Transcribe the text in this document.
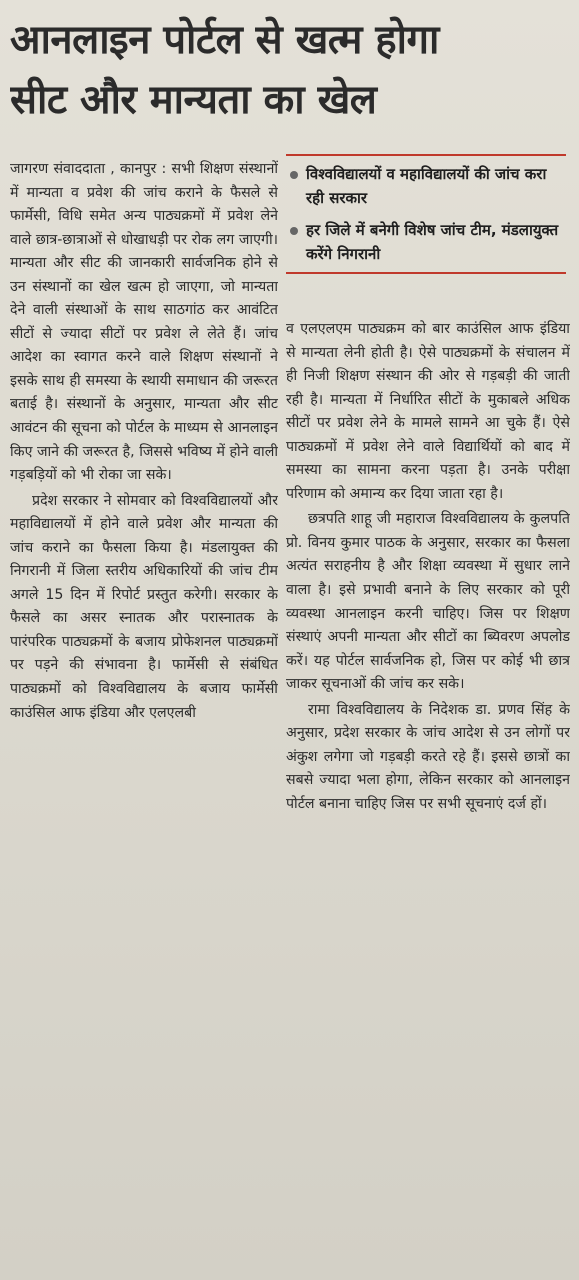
आनलाइन पोर्टल से खत्म होगा
सीट और मान्यता का खेल

जागरण संवाददाता , कानपुर : सभी शिक्षण संस्थानों में मान्यता व प्रवेश की जांच कराने के फैसले से फार्मेसी, विधि समेत अन्य पाठ्यक्रमों में प्रवेश लेने वाले छात्र-छात्राओं से धोखाधड़ी पर रोक लग जाएगी। मान्यता और सीट की जानकारी सार्वजनिक होने से उन संस्थानों का खेल खत्म हो जाएगा, जो मान्यता देने वाली संस्थाओं के साथ साठगांठ कर आवंटित सीटों से ज्यादा सीटों पर प्रवेश ले लेते हैं। जांच आदेश का स्वागत करने वाले शिक्षण संस्थानों ने इसके साथ ही समस्या के स्थायी समाधान की जरूरत बताई है। संस्थानों के अनुसार, मान्यता और सीट आवंटन की सूचना को पोर्टल के माध्यम से आनलाइन किए जाने की जरूरत है, जिससे भविष्य में होने वाली गड़बड़ियों को भी रोका जा सके।

प्रदेश सरकार ने सोमवार को विश्वविद्यालयों और महाविद्यालयों में होने वाले प्रवेश और मान्यता की जांच कराने का फैसला किया है। मंडलायुक्त की निगरानी में जिला स्तरीय अधिकारियों की जांच टीम अगले 15 दिन में रिपोर्ट प्रस्तुत करेगी। सरकार के फैसले का असर स्नातक और परास्नातक के पारंपरिक पाठ्यक्रमों के बजाय प्रोफेशनल पाठ्यक्रमों पर पड़ने की संभावना है। फार्मेसी से संबंधित पाठ्यक्रमों को विश्वविद्यालय के बजाय फार्मेसी काउंसिल आफ इंडिया और एलएलबी

विश्वविद्यालयों व महाविद्यालयों की जांच करा रही सरकार
हर जिले में बनेगी विशेष जांच टीम, मंडलायुक्त करेंगे निगरानी

व एलएलएम पाठ्यक्रम को बार काउंसिल आफ इंडिया से मान्यता लेनी होती है। ऐसे पाठ्यक्रमों के संचालन में ही निजी शिक्षण संस्थान की ओर से गड़बड़ी की जाती रही है। मान्यता में निर्धारित सीटों के मुकाबले अधिक सीटों पर प्रवेश लेने के मामले सामने आ चुके हैं। ऐसे पाठ्यक्रमों में प्रवेश लेने वाले विद्यार्थियों को बाद में समस्या का सामना करना पड़ता है। उनके परीक्षा परिणाम को अमान्य कर दिया जाता रहा है।

छत्रपति शाहू जी महाराज विश्वविद्यालय के कुलपति प्रो. विनय कुमार पाठक के अनुसार, सरकार का फैसला अत्यंत सराहनीय है और शिक्षा व्यवस्था में सुधार लाने वाला है। इसे प्रभावी बनाने के लिए सरकार को पूरी व्यवस्था आनलाइन करनी चाहिए। जिस पर शिक्षण संस्थाएं अपनी मान्यता और सीटों का ब्यिवरण अपलोड करें। यह पोर्टल सार्वजनिक हो, जिस पर कोई भी छात्र जाकर सूचनाओं की जांच कर सके।

रामा विश्वविद्यालय के निदेशक डा. प्रणव सिंह के अनुसार, प्रदेश सरकार के जांच आदेश से उन लोगों पर अंकुश लगेगा जो गड़बड़ी करते रहे हैं। इससे छात्रों का सबसे ज्यादा भला होगा, लेकिन सरकार को आनलाइन पोर्टल बनाना चाहिए जिस पर सभी सूचनाएं दर्ज हों।
